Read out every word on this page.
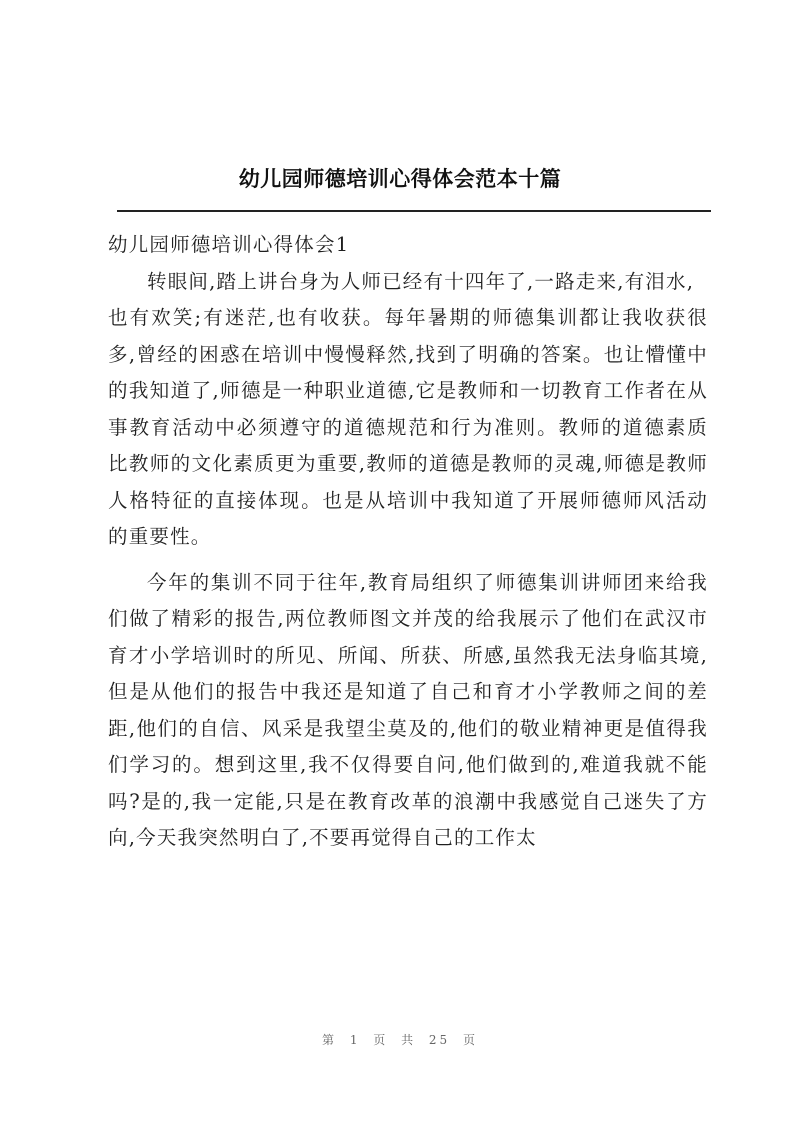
幼儿园师德培训心得体会范本十篇

幼儿园师德培训心得体会1

转眼间,踏上讲台身为人师已经有十四年了,一路走来,有泪水,

也有欢笑;有迷茫,也有收获。每年暑期的师德集训都让我收获很多,曾经的困惑在培训中慢慢释然,找到了明确的答案。也让懵懂中的我知道了,师德是一种职业道德,它是教师和一切教育工作者在从事教育活动中必须遵守的道德规范和行为准则。教师的道德素质比教师的文化素质更为重要,教师的道德是教师的灵魂,师德是教师人格特征的直接体现。也是从培训中我知道了开展师德师风活动的重要性。

今年的集训不同于往年,教育局组织了师德集训讲师团来给我们做了精彩的报告,两位教师图文并茂的给我展示了他们在武汉市育才小学培训时的所见、所闻、所获、所感,虽然我无法身临其境,但是从他们的报告中我还是知道了自己和育才小学教师之间的差距,他们的自信、风采是我望尘莫及的,他们的敬业精神更是值得我们学习的。想到这里,我不仅得要自问,他们做到的,难道我就不能吗?是的,我一定能,只是在教育改革的浪潮中我感觉自己迷失了方向,今天我突然明白了,不要再觉得自己的工作太

第 1 页 共 25 页
